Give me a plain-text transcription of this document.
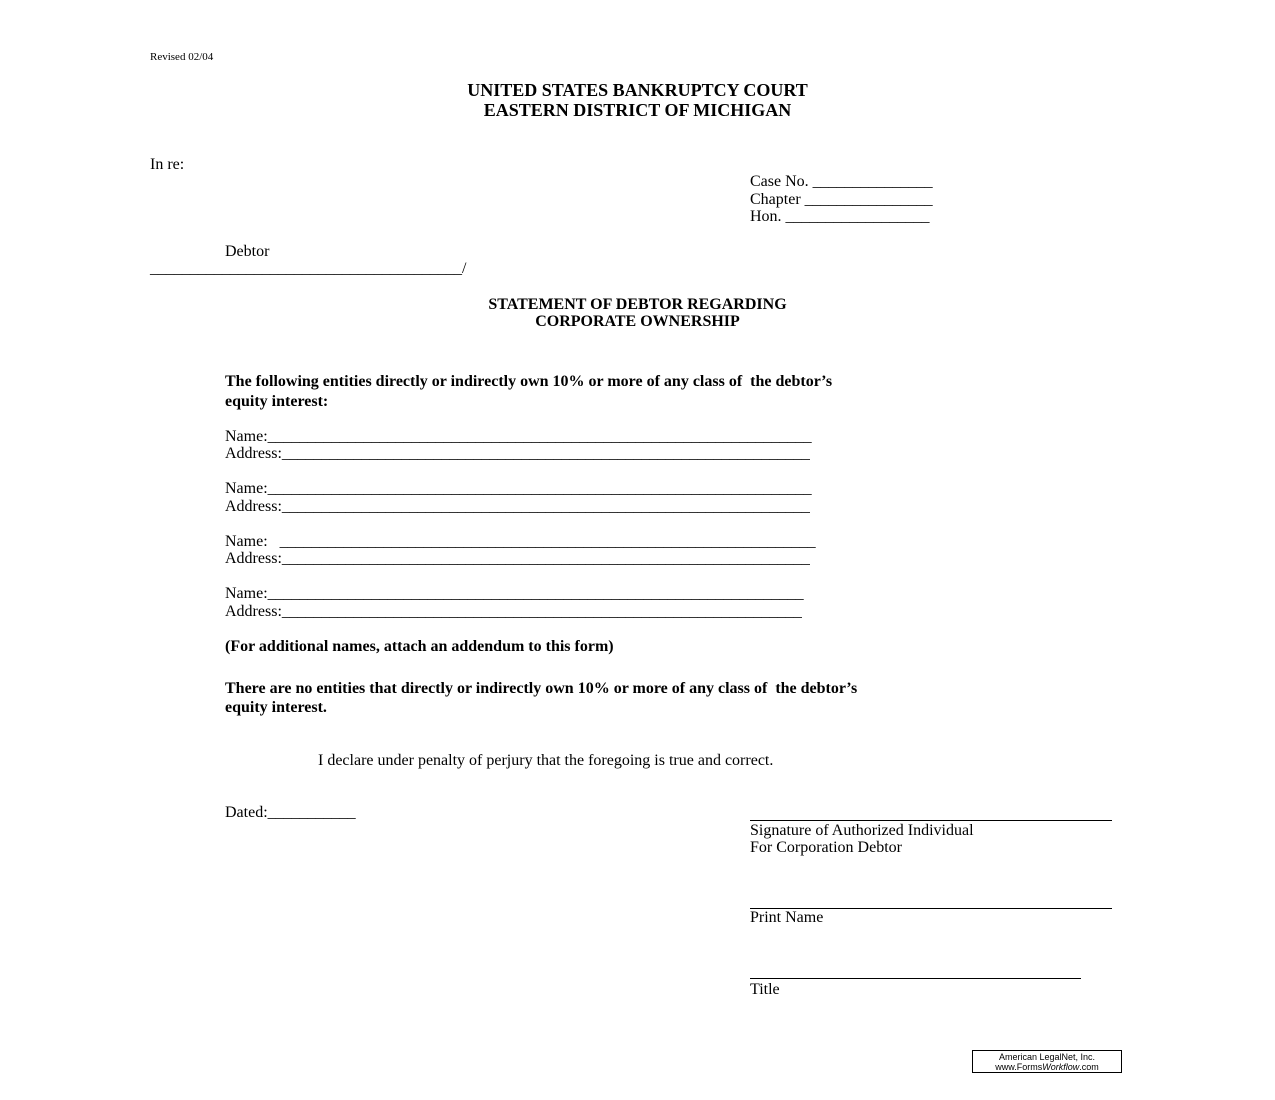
Revised 02/04
UNITED STATES BANKRUPTCY COURT
EASTERN DISTRICT OF MICHIGAN
In re:
Case No. _______________
Chapter ________________
Hon. __________________
Debtor
_______________________________________/
STATEMENT OF DEBTOR REGARDING
CORPORATE OWNERSHIP
The following entities directly or indirectly own 10% or more of any class of  the debtor’s
equity interest:
Name:____________________________________________________________________
Address:__________________________________________________________________
Name:____________________________________________________________________
Address:__________________________________________________________________
Name:   ___________________________________________________________________
Address:__________________________________________________________________
Name:___________________________________________________________________
Address:_________________________________________________________________
(For additional names, attach an addendum to this form)
There are no entities that directly or indirectly own 10% or more of any class of  the debtor’s
equity interest.
I declare under penalty of perjury that the foregoing is true and correct.
Dated:___________
Signature of Authorized Individual
For Corporation Debtor
Print Name
Title
American LegalNet, Inc.
www.FormsWorkflow.com
